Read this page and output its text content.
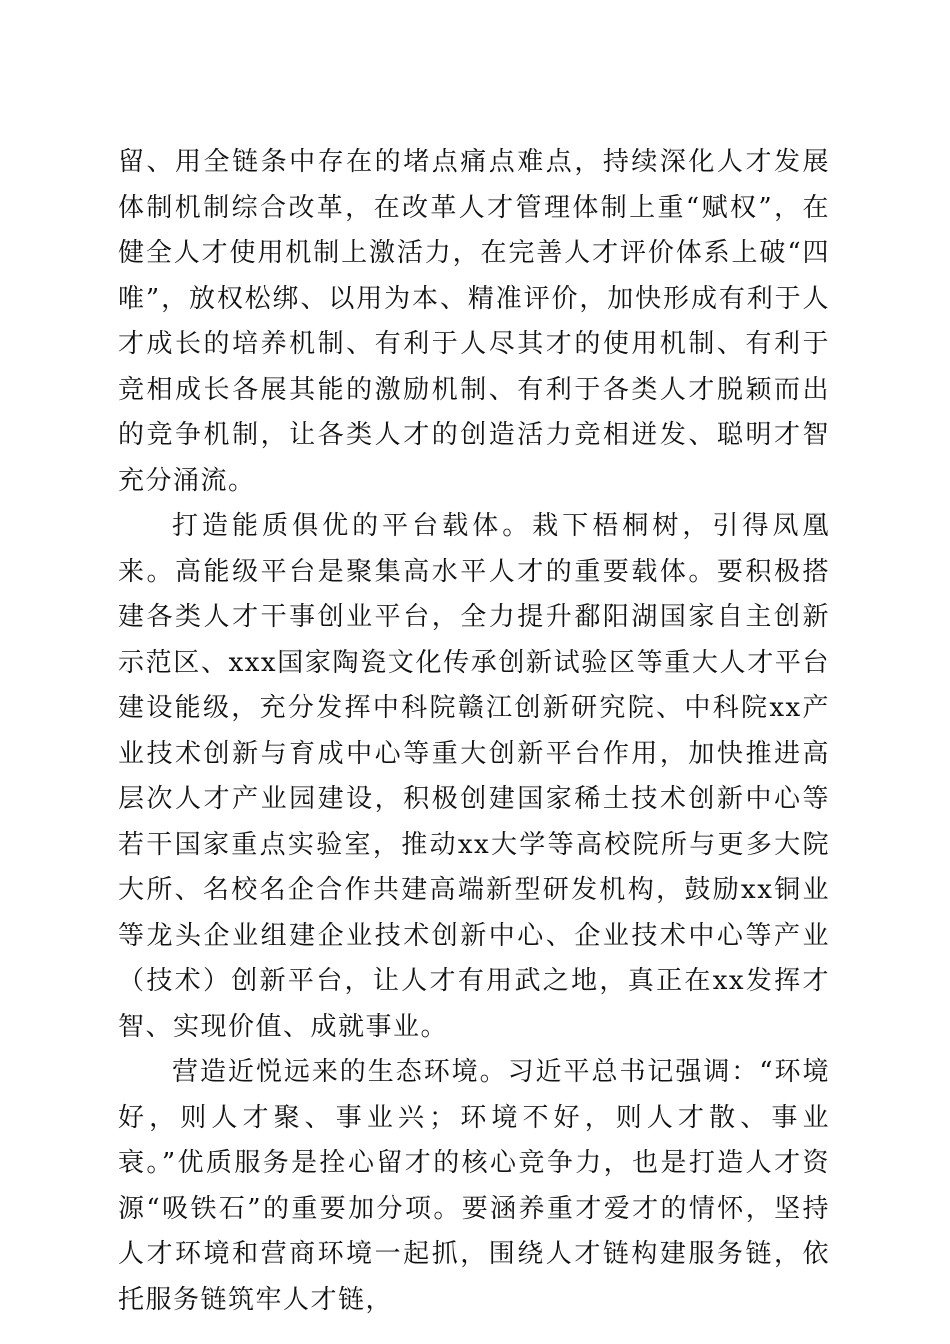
留、用全链条中存在的堵点痛点难点，持续深化人才发展体制机制综合改革，在改革人才管理体制上重“赋权”，在健全人才使用机制上激活力，在完善人才评价体系上破“四唯”，放权松绑、以用为本、精准评价，加快形成有利于人才成长的培养机制、有利于人尽其才的使用机制、有利于竞相成长各展其能的激励机制、有利于各类人才脱颖而出的竞争机制，让各类人才的创造活力竞相迸发、聪明才智充分涌流。

打造能质俱优的平台载体。栽下梧桐树，引得凤凰来。高能级平台是聚集高水平人才的重要载体。要积极搭建各类人才干事创业平台，全力提升鄱阳湖国家自主创新示范区、xxx国家陶瓷文化传承创新试验区等重大人才平台建设能级，充分发挥中科院赣江创新研究院、中科院xx产业技术创新与育成中心等重大创新平台作用，加快推进高层次人才产业园建设，积极创建国家稀土技术创新中心等若干国家重点实验室，推动xx大学等高校院所与更多大院大所、名校名企合作共建高端新型研发机构，鼓励xx铜业等龙头企业组建企业技术创新中心、企业技术中心等产业（技术）创新平台，让人才有用武之地，真正在xx发挥才智、实现价值、成就事业。

营造近悦远来的生态环境。习近平总书记强调：“环境好，则人才聚、事业兴；环境不好，则人才散、事业衰。”优质服务是拴心留才的核心竞争力，也是打造人才资源“吸铁石”的重要加分项。要涵养重才爱才的情怀，坚持人才环境和营商环境一起抓，围绕人才链构建服务链，依托服务链筑牢人才链，
